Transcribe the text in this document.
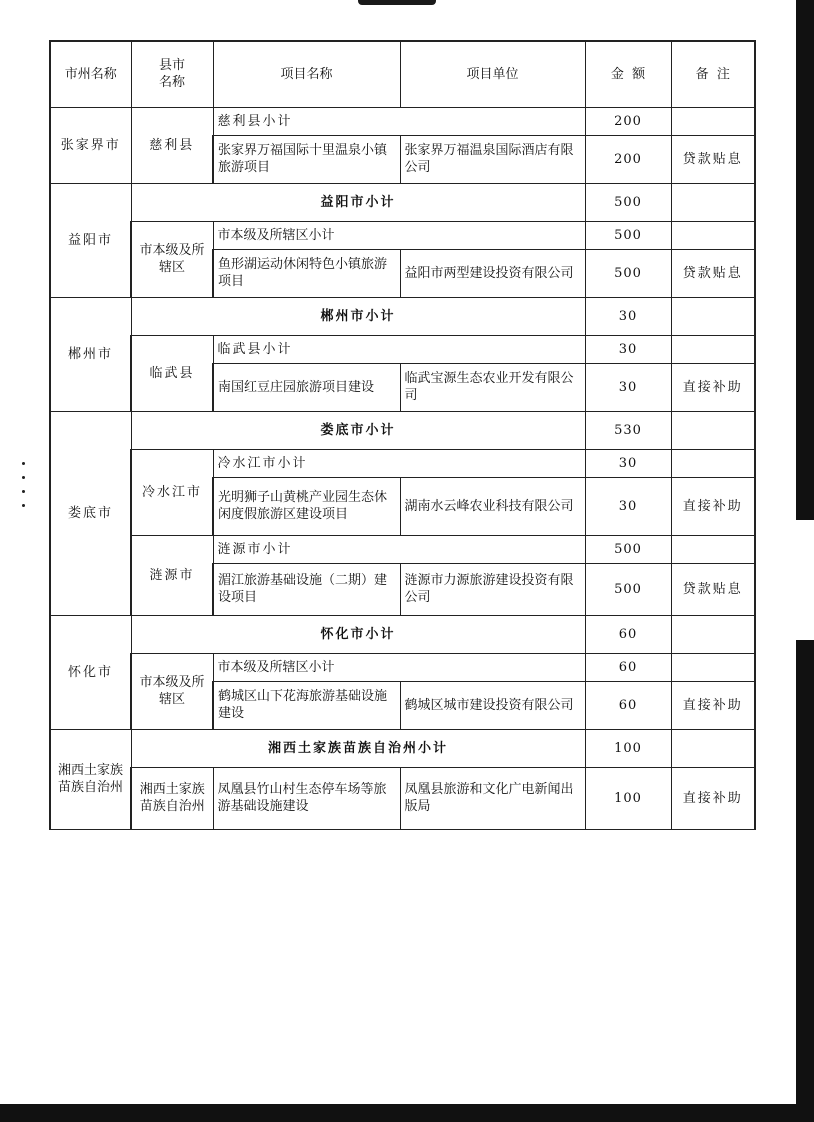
市州名称	县市
名称	项目名称	项目单位	金  额	备  注
张家界市	慈利县	慈利县小计		200	
		张家界万福国际十里温泉小镇旅游项目	张家界万福温泉国际酒店有限公司	200	贷款贴息
益阳市	益阳市小计			500	
	市本级及所辖区	市本级及所辖区小计		500	
		鱼形湖运动休闲特色小镇旅游项目	益阳市两型建设投资有限公司	500	贷款贴息
郴州市	郴州市小计			30	
	临武县	临武县小计		30	
		南国红豆庄园旅游项目建设	临武宝源生态农业开发有限公司	30	直接补助
娄底市	娄底市小计			530	
	冷水江市	冷水江市小计		30	
		光明狮子山黄桃产业园生态休闲度假旅游区建设项目	湖南水云峰农业科技有限公司	30	直接补助
	涟源市	涟源市小计		500	
		湄江旅游基础设施（二期）建设项目	涟源市力源旅游建设投资有限公司	500	贷款贴息
怀化市	怀化市小计			60	
	市本级及所辖区	市本级及所辖区小计		60	
		鹤城区山下花海旅游基础设施建设	鹤城区城市建设投资有限公司	60	直接补助
湘西土家族苗族自治州	湘西土家族苗族自治州小计			100	
	湘西土家族苗族自治州	凤凰县竹山村生态停车场等旅游基础设施建设	凤凰县旅游和文化广电新闻出版局	100	直接补助
